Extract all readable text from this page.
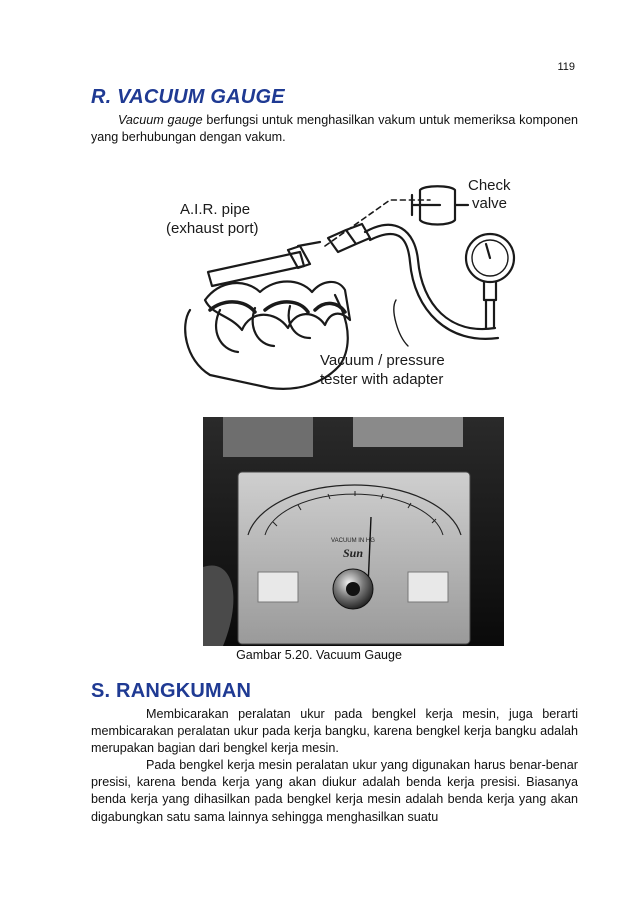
119
R. VACUUM GAUGE

Vacuum gauge berfungsi untuk menghasilkan vakum untuk memeriksa komponen yang berhubungan dengan vakum.

A.I.R. pipe
(exhaust port)
Check
valve
Vacuum / pressure
tester with adapter
VACUUM IN HG
Sun
Gambar 5.20. Vacuum Gauge
S. RANGKUMAN

Membicarakan peralatan ukur pada bengkel kerja mesin, juga berarti membicarakan peralatan ukur pada kerja bangku, karena bengkel kerja bangku adalah merupakan bagian dari bengkel kerja mesin.

Pada bengkel kerja mesin peralatan ukur yang digunakan harus benar-benar presisi, karena benda kerja yang akan diukur adalah benda kerja presisi. Biasanya benda kerja yang dihasilkan pada bengkel kerja mesin adalah benda kerja yang akan digabungkan satu sama lainnya sehingga menghasilkan suatu
